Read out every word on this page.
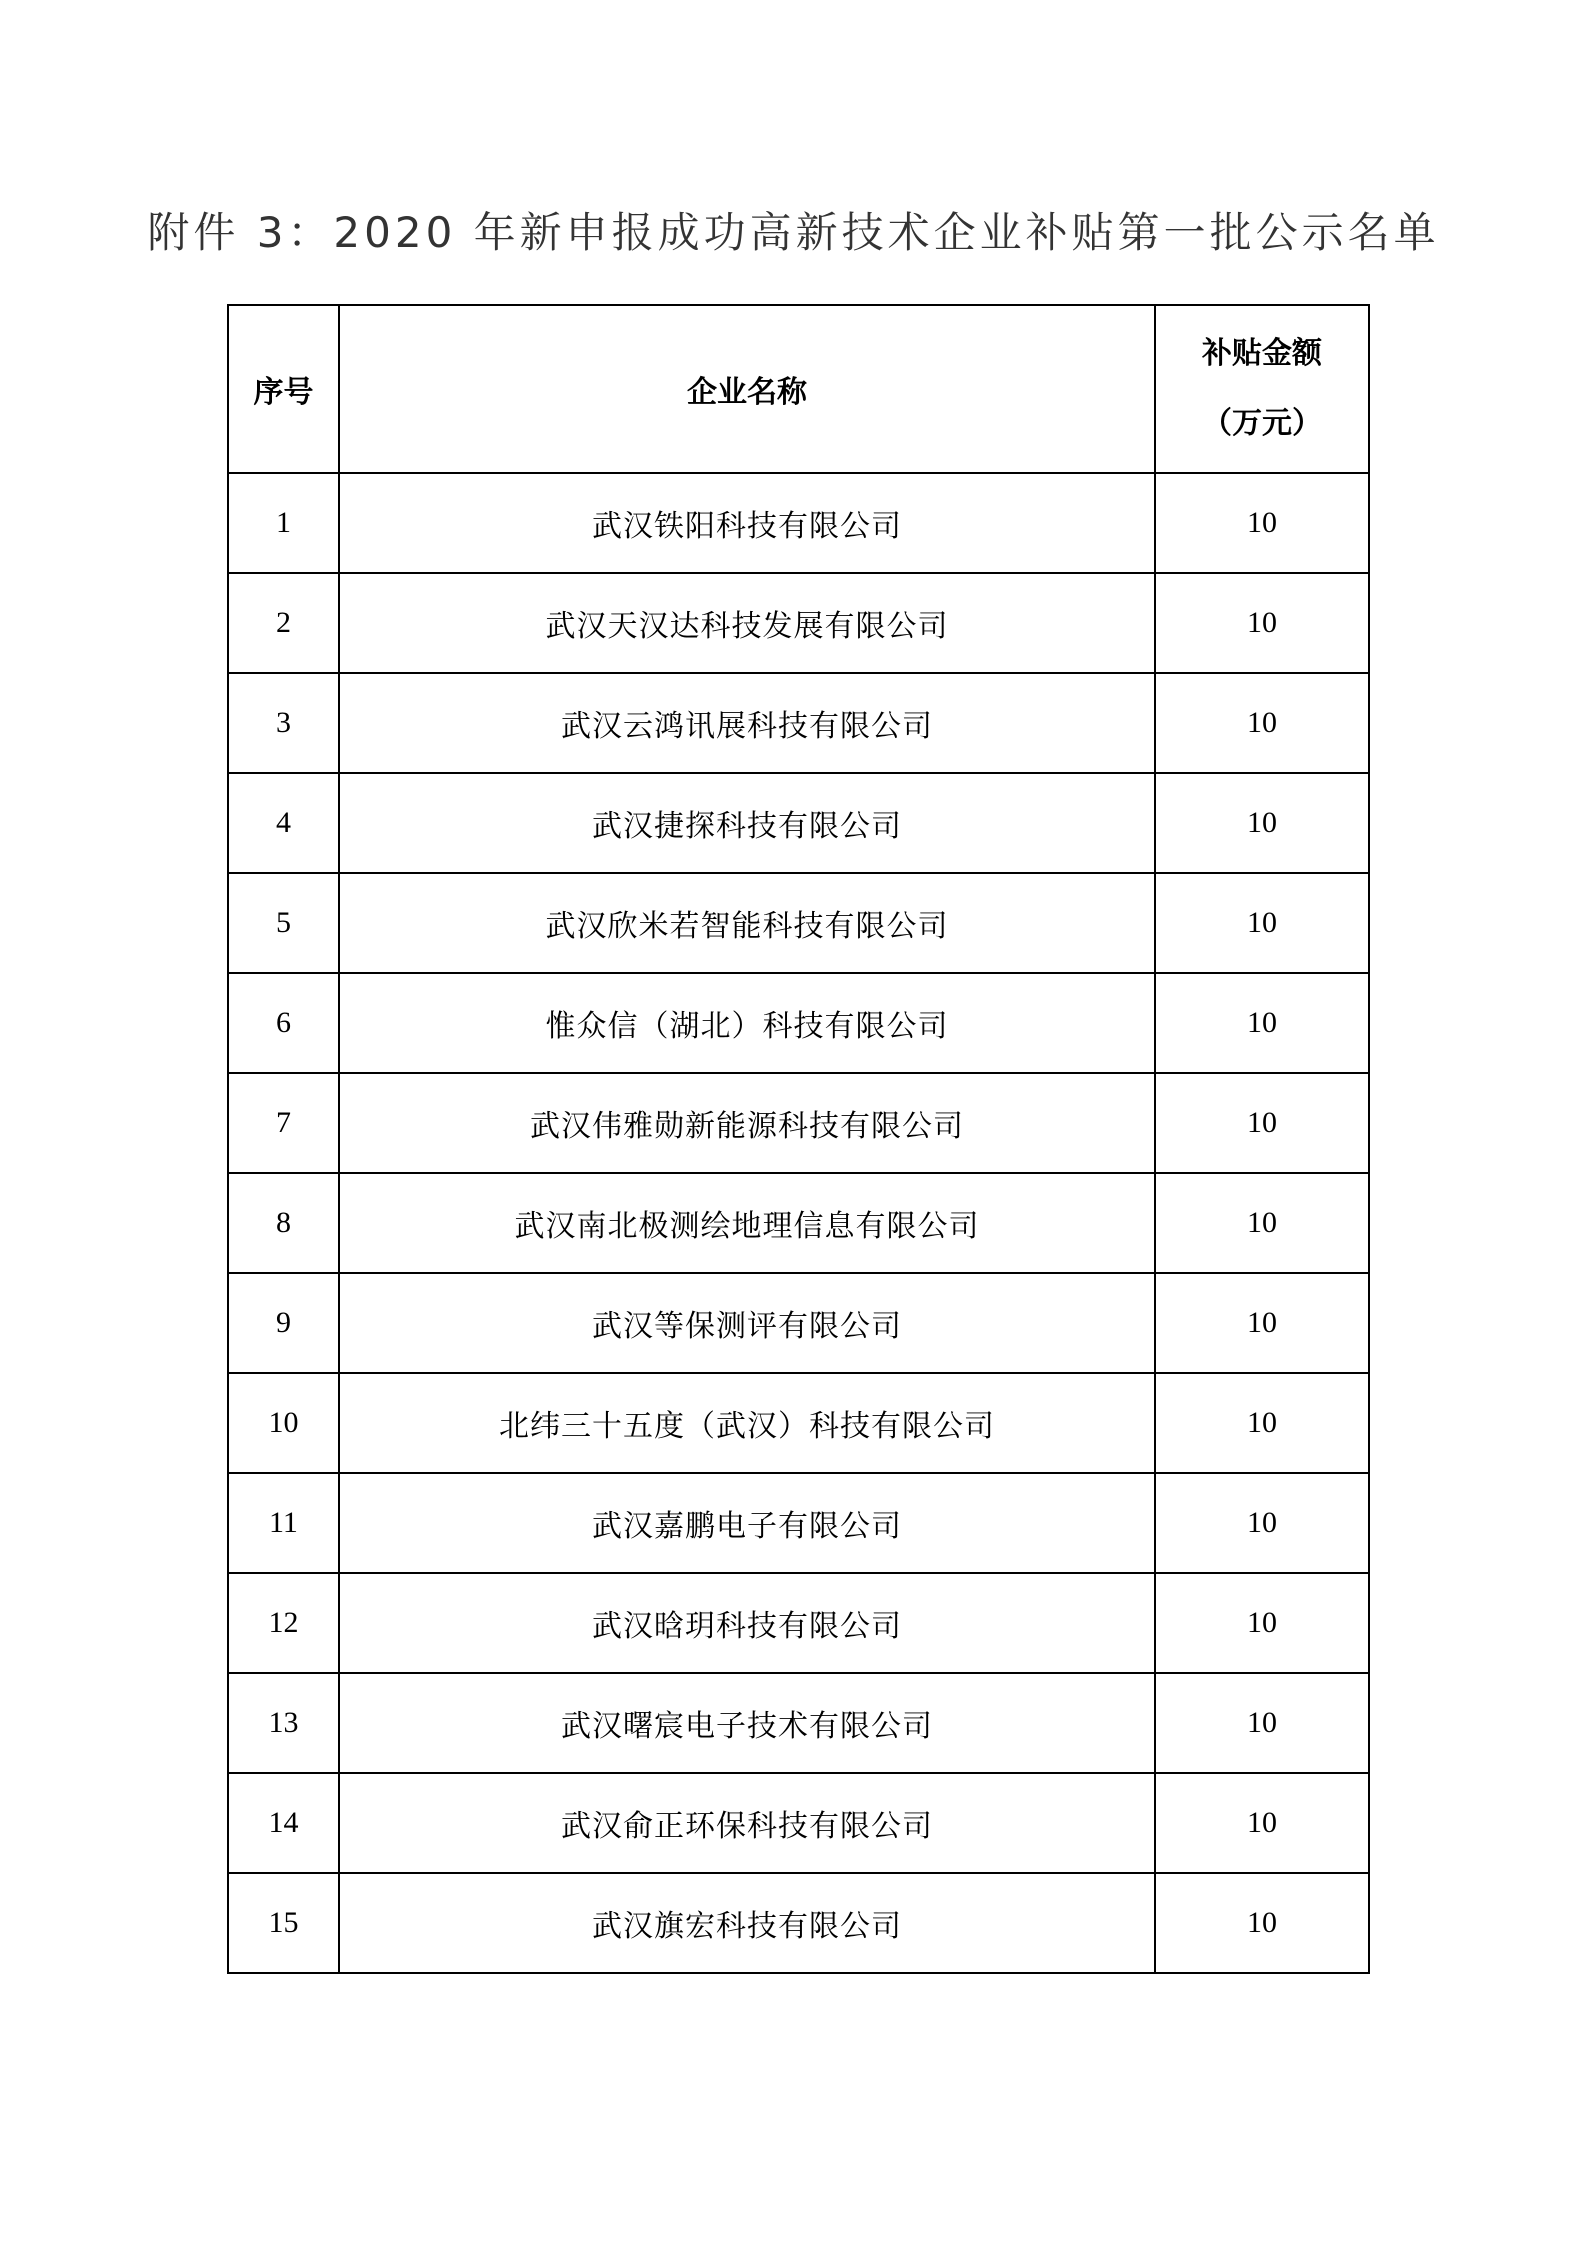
附件 3：2020 年新申报成功高新技术企业补贴第一批公示名单
序号	企业名称	补贴金额
（万元）

1	武汉铁阳科技有限公司	10
2	武汉天汉达科技发展有限公司	10
3	武汉云鸿讯展科技有限公司	10
4	武汉捷探科技有限公司	10
5	武汉欣米若智能科技有限公司	10
6	惟众信（湖北）科技有限公司	10
7	武汉伟雅勋新能源科技有限公司	10
8	武汉南北极测绘地理信息有限公司	10
9	武汉等保测评有限公司	10
10	北纬三十五度（武汉）科技有限公司	10
11	武汉嘉鹏电子有限公司	10
12	武汉晗玥科技有限公司	10
13	武汉曙宸电子技术有限公司	10
14	武汉俞正环保科技有限公司	10
15	武汉旗宏科技有限公司	10
